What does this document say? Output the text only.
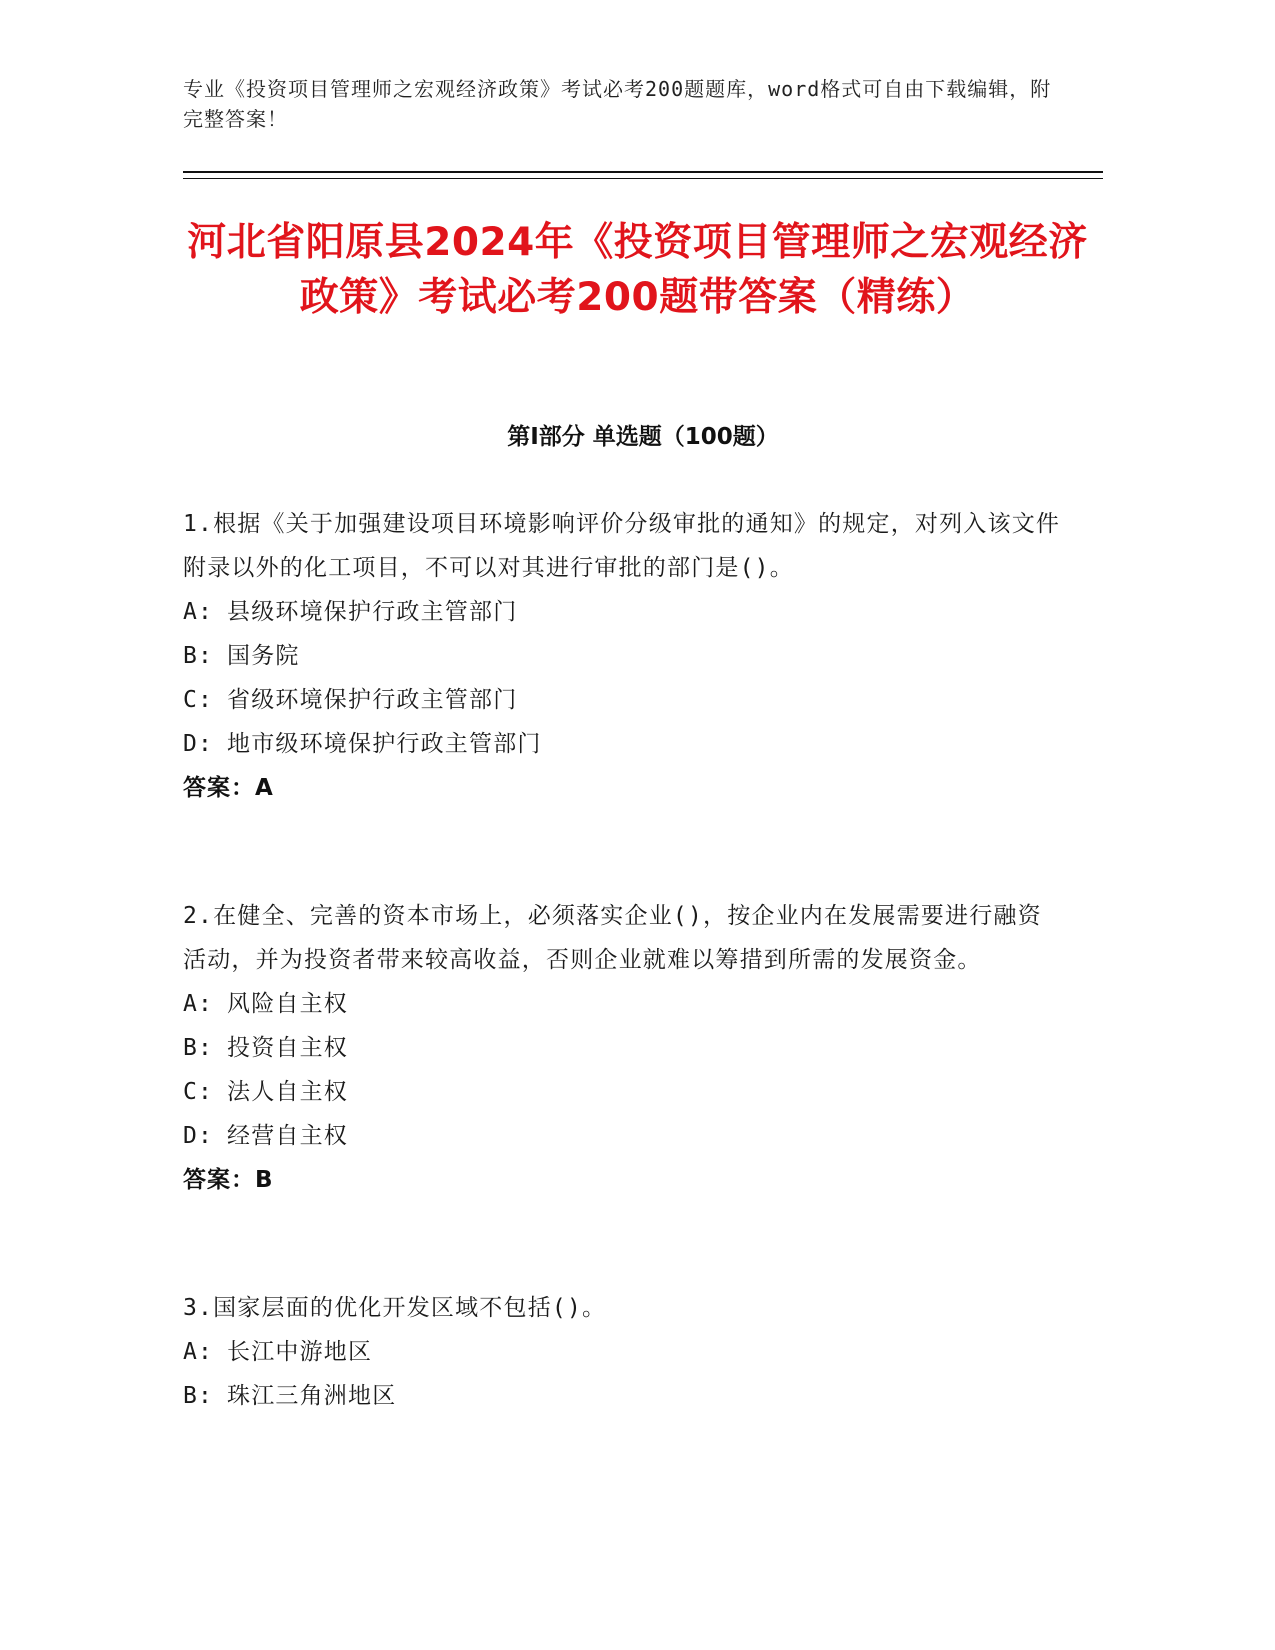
专业《投资项目管理师之宏观经济政策》考试必考200题题库，word格式可自由下载编辑，附完整答案！
河北省阳原县2024年《投资项目管理师之宏观经济政策》考试必考200题带答案（精练）
第Ⅰ部分 单选题（100题）
1.根据《关于加强建设项目环境影响评价分级审批的通知》的规定，对列入该文件附录以外的化工项目，不可以对其进行审批的部门是()。
A: 县级环境保护行政主管部门
B: 国务院
C: 省级环境保护行政主管部门
D: 地市级环境保护行政主管部门
答案：A
2.在健全、完善的资本市场上，必须落实企业()，按企业内在发展需要进行融资活动，并为投资者带来较高收益，否则企业就难以筹措到所需的发展资金。
A: 风险自主权
B: 投资自主权
C: 法人自主权
D: 经营自主权
答案：B
3.国家层面的优化开发区域不包括()。
A: 长江中游地区
B: 珠江三角洲地区
